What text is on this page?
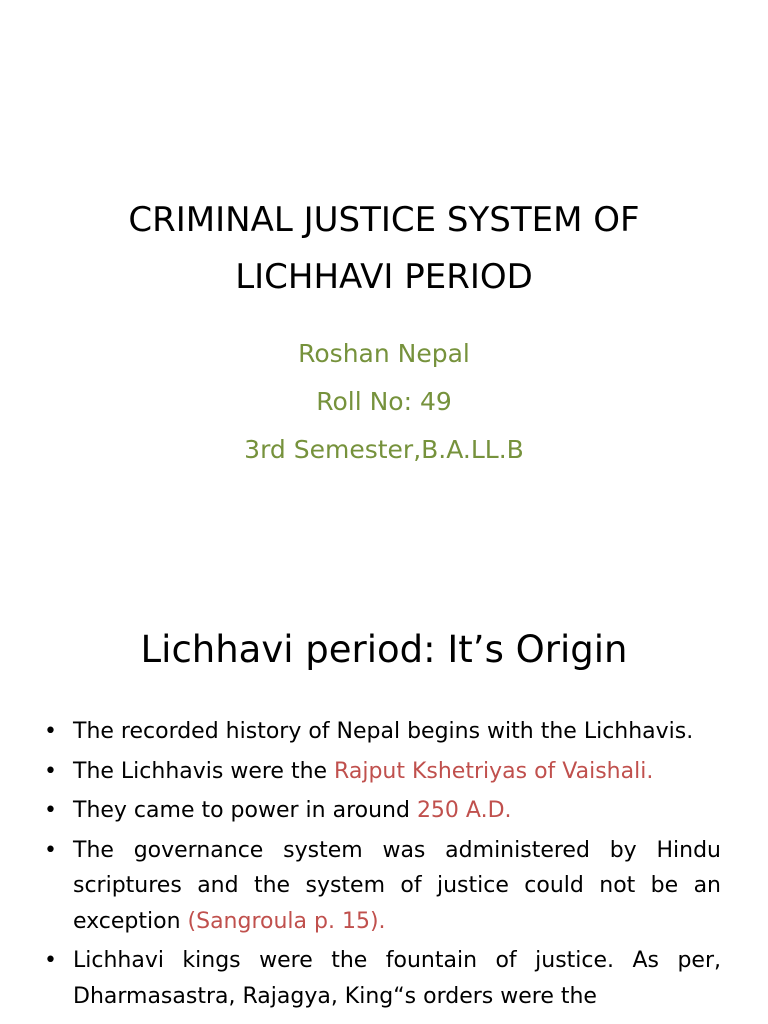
CRIMINAL JUSTICE SYSTEM OF
LICHHAVI PERIOD
Roshan Nepal
Roll No: 49
3rd Semester,B.A.LL.B
Lichhavi period: It’s Origin
• The recorded history of Nepal begins with the Lichhavis.
• The Lichhavis were the Rajput Kshetriyas of Vaishali.
• They came to power in around 250 A.D.
• The governance system was administered by Hindu scriptures and the system of justice could not be an exception (Sangroula p. 15).
• Lichhavi kings were the fountain of justice. As per, Dharmasastra, Rajagya, King“s orders were the
